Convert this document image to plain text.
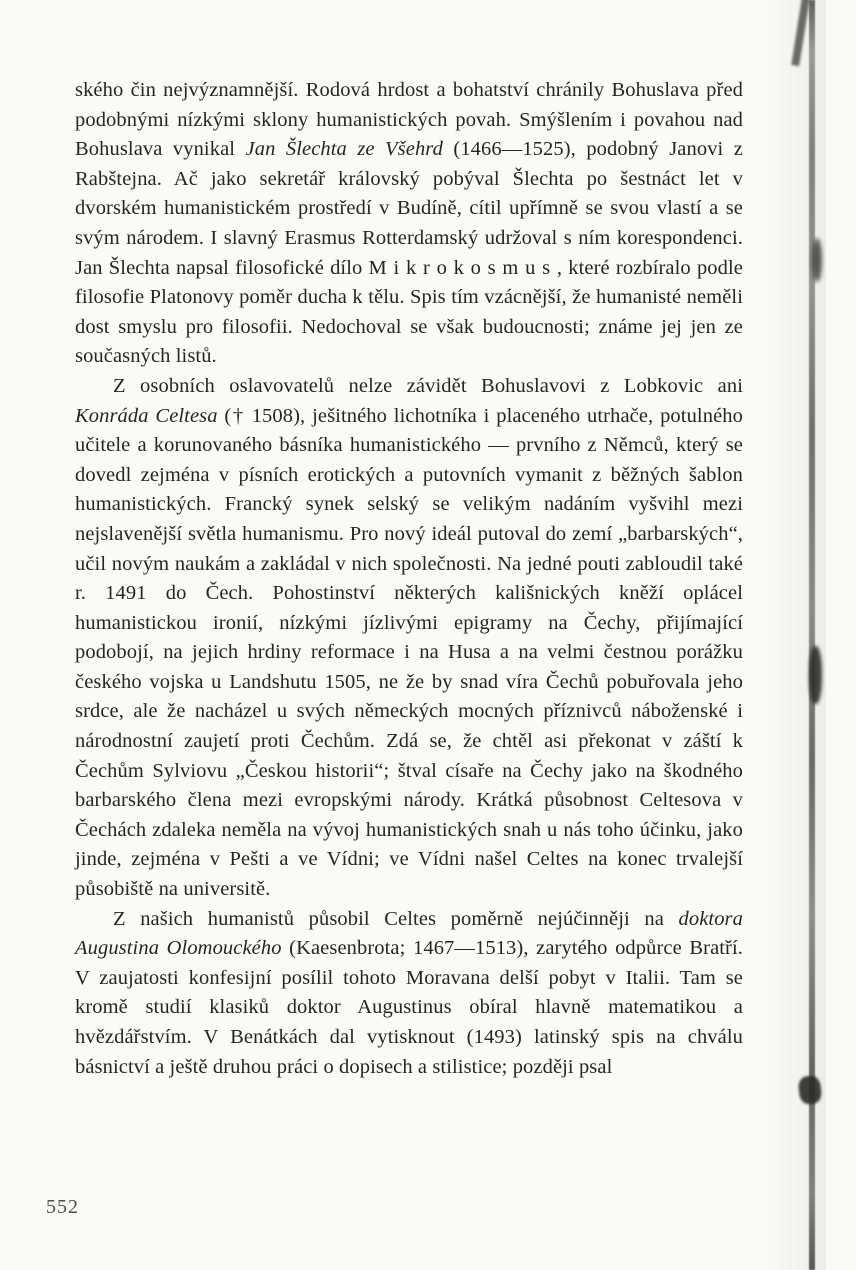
ského čin nejvýznamnější. Rodová hrdost a bohatství chránily Bohuslava před podobnými nízkými sklony humanistických povah. Smýšlením i povahou nad Bohuslava vynikal Jan Šlechta ze Všehrd (1466—1525), podobný Janovi z Rabštejna. Ač jako sekretář královský pobýval Šlechta po šestnáct let v dvorském humanistickém prostředí v Budíně, cítil upřímně se svou vlastí a se svým národem. I slavný Erasmus Rotterdamský udržoval s ním korespondenci. Jan Šlechta napsal filosofické dílo Mikrokosmus, které rozbíralo podle filosofie Platonovy poměr ducha k tělu. Spis tím vzácnější, že humanisté neměli dost smyslu pro filosofii. Nedochoval se však budoucnosti; známe jej jen ze současných listů.

Z osobních oslavovatelů nelze závidět Bohuslavovi z Lobkovic ani Konráda Celtesa († 1508), ješitného lichotníka i placeného utrhače, potulného učitele a korunovaného básníka humanistického — prvního z Němců, který se dovedl zejména v písních erotických a putovních vymanit z běžných šablon humanistických. Francký synek selský se velikým nadáním vyšvihl mezi nejslavenější světla humanismu. Pro nový ideál putoval do zemí „barbarských“, učil novým naukám a zakládal v nich společnosti. Na jedné pouti zabloudil také r. 1491 do Čech. Pohostinství některých kališnických kněží oplácel humanistickou ironií, nízkými jízlivými epigramy na Čechy, přijímající podobojí, na jejich hrdiny reformace i na Husa a na velmi čestnou porážku českého vojska u Landshutu 1505, ne že by snad víra Čechů pobuřovala jeho srdce, ale že nacházel u svých německých mocných příznivců náboženské i národnostní zaujetí proti Čechům. Zdá se, že chtěl asi překonat v záští k Čechům Sylviovu „Českou historii“; štval císaře na Čechy jako na škodného barbarského člena mezi evropskými národy. Krátká působnost Celtesova v Čechách zdaleka neměla na vývoj humanistických snah u nás toho účinku, jako jinde, zejména v Pešti a ve Vídni; ve Vídni našel Celtes na konec trvalejší působiště na universitě.

Z našich humanistů působil Celtes poměrně nejúčinněji na doktora Augustina Olomouckého (Kaesenbrota; 1467—1513), zarytého odpůrce Bratří. V zaujatosti konfesijní posílil tohoto Moravana delší pobyt v Italii. Tam se kromě studií klasiků doktor Augustinus obíral hlavně matematikou a hvězdářstvím. V Benátkách dal vytisknout (1493) latinský spis na chválu básnictví a ještě druhou práci o dopisech a stilistice; později psal

552
